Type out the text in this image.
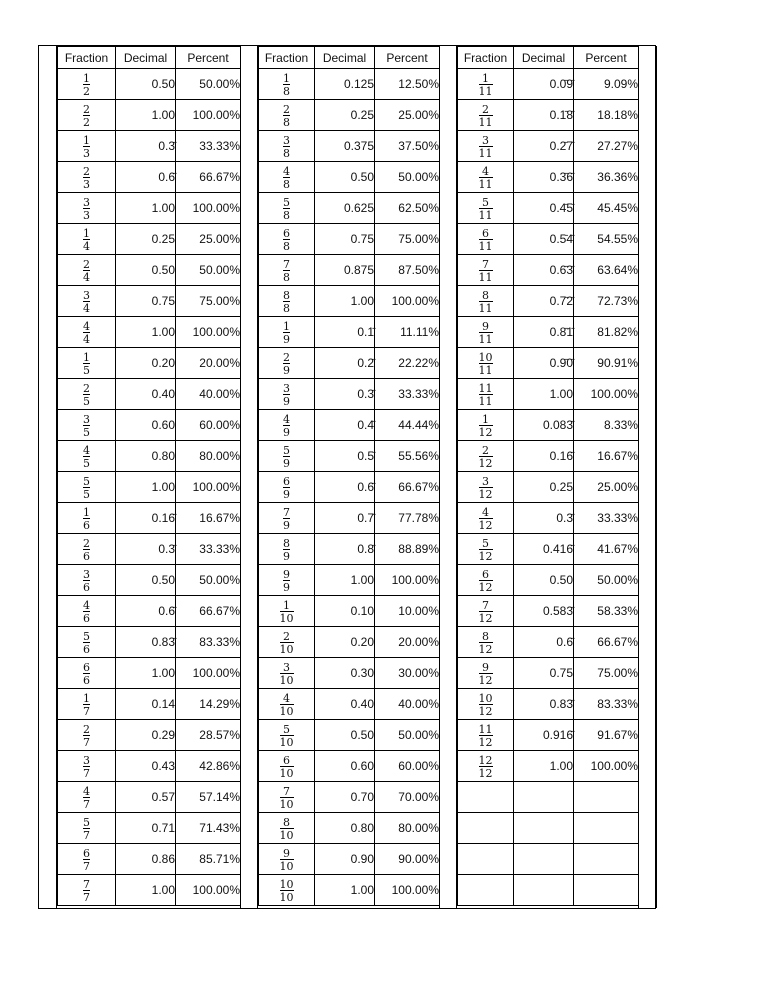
Fraction	Decimal	Percent

$\frac{1}{2}$	0.50	50.00%

$\frac{2}{2}$	1.00	100.00%

$\frac{1}{3}$	0.3̄	33.33%

$\frac{2}{3}$	0.6̄	66.67%

$\frac{3}{3}$	1.00	100.00%

$\frac{1}{4}$	0.25	25.00%

$\frac{2}{4}$	0.50	50.00%

$\frac{3}{4}$	0.75	75.00%

$\frac{4}{4}$	1.00	100.00%

$\frac{1}{5}$	0.20	20.00%

$\frac{2}{5}$	0.40	40.00%

$\frac{3}{5}$	0.60	60.00%

$\frac{4}{5}$	0.80	80.00%

$\frac{5}{5}$	1.00	100.00%

$\frac{1}{6}$	0.16̄	16.67%

$\frac{2}{6}$	0.3̄	33.33%

$\frac{3}{6}$	0.50	50.00%

$\frac{4}{6}$	0.6̄	66.67%

$\frac{5}{6}$	0.83̄	83.33%

$\frac{6}{6}$	1.00	100.00%

$\frac{1}{7}$	0.14	14.29%

$\frac{2}{7}$	0.29	28.57%

$\frac{3}{7}$	0.43	42.86%

$\frac{4}{7}$	0.57	57.14%

$\frac{5}{7}$	0.71	71.43%

$\frac{6}{7}$	0.86	85.71%

$\frac{7}{7}$	1.00	100.00%
Fraction	Decimal	Percent

$\frac{1}{8}$	0.125	12.50%

$\frac{2}{8}$	0.25	25.00%

$\frac{3}{8}$	0.375	37.50%

$\frac{4}{8}$	0.50	50.00%

$\frac{5}{8}$	0.625	62.50%

$\frac{6}{8}$	0.75	75.00%

$\frac{7}{8}$	0.875	87.50%

$\frac{8}{8}$	1.00	100.00%

$\frac{1}{9}$	0.1̄	11.11%

$\frac{2}{9}$	0.2̄	22.22%

$\frac{3}{9}$	0.3̄	33.33%

$\frac{4}{9}$	0.4̄	44.44%

$\frac{5}{9}$	0.5̄	55.56%

$\frac{6}{9}$	0.6̄	66.67%

$\frac{7}{9}$	0.7̄	77.78%

$\frac{8}{9}$	0.8̄	88.89%

$\frac{9}{9}$	1.00	100.00%

$\frac{1}{10}$	0.10	10.00%

$\frac{2}{10}$	0.20	20.00%

$\frac{3}{10}$	0.30	30.00%

$\frac{4}{10}$	0.40	40.00%

$\frac{5}{10}$	0.50	50.00%

$\frac{6}{10}$	0.60	60.00%

$\frac{7}{10}$	0.70	70.00%

$\frac{8}{10}$	0.80	80.00%

$\frac{9}{10}$	0.90	90.00%

$\frac{10}{10}$	1.00	100.00%
Fraction	Decimal	Percent

$\frac{1}{11}$	0.0̄9̄	9.09%

$\frac{2}{11}$	0.1̄8̄	18.18%

$\frac{3}{11}$	0.2̄7̄	27.27%

$\frac{4}{11}$	0.3̄6̄	36.36%

$\frac{5}{11}$	0.4̄5̄	45.45%

$\frac{6}{11}$	0.5̄4̄	54.55%

$\frac{7}{11}$	0.6̄3̄	63.64%

$\frac{8}{11}$	0.7̄2̄	72.73%

$\frac{9}{11}$	0.8̄1̄	81.82%

$\frac{10}{11}$	0.9̄0̄	90.91%

$\frac{11}{11}$	1.00	100.00%

$\frac{1}{12}$	0.083̄	8.33%

$\frac{2}{12}$	0.16̄	16.67%

$\frac{3}{12}$	0.25	25.00%

$\frac{4}{12}$	0.3̄	33.33%

$\frac{5}{12}$	0.416̄	41.67%

$\frac{6}{12}$	0.50	50.00%

$\frac{7}{12}$	0.583̄	58.33%

$\frac{8}{12}$	0.6̄	66.67%

$\frac{9}{12}$	0.75	75.00%

$\frac{10}{12}$	0.83̄	83.33%

$\frac{11}{12}$	0.916̄	91.67%

$\frac{12}{12}$	1.00	100.00%
